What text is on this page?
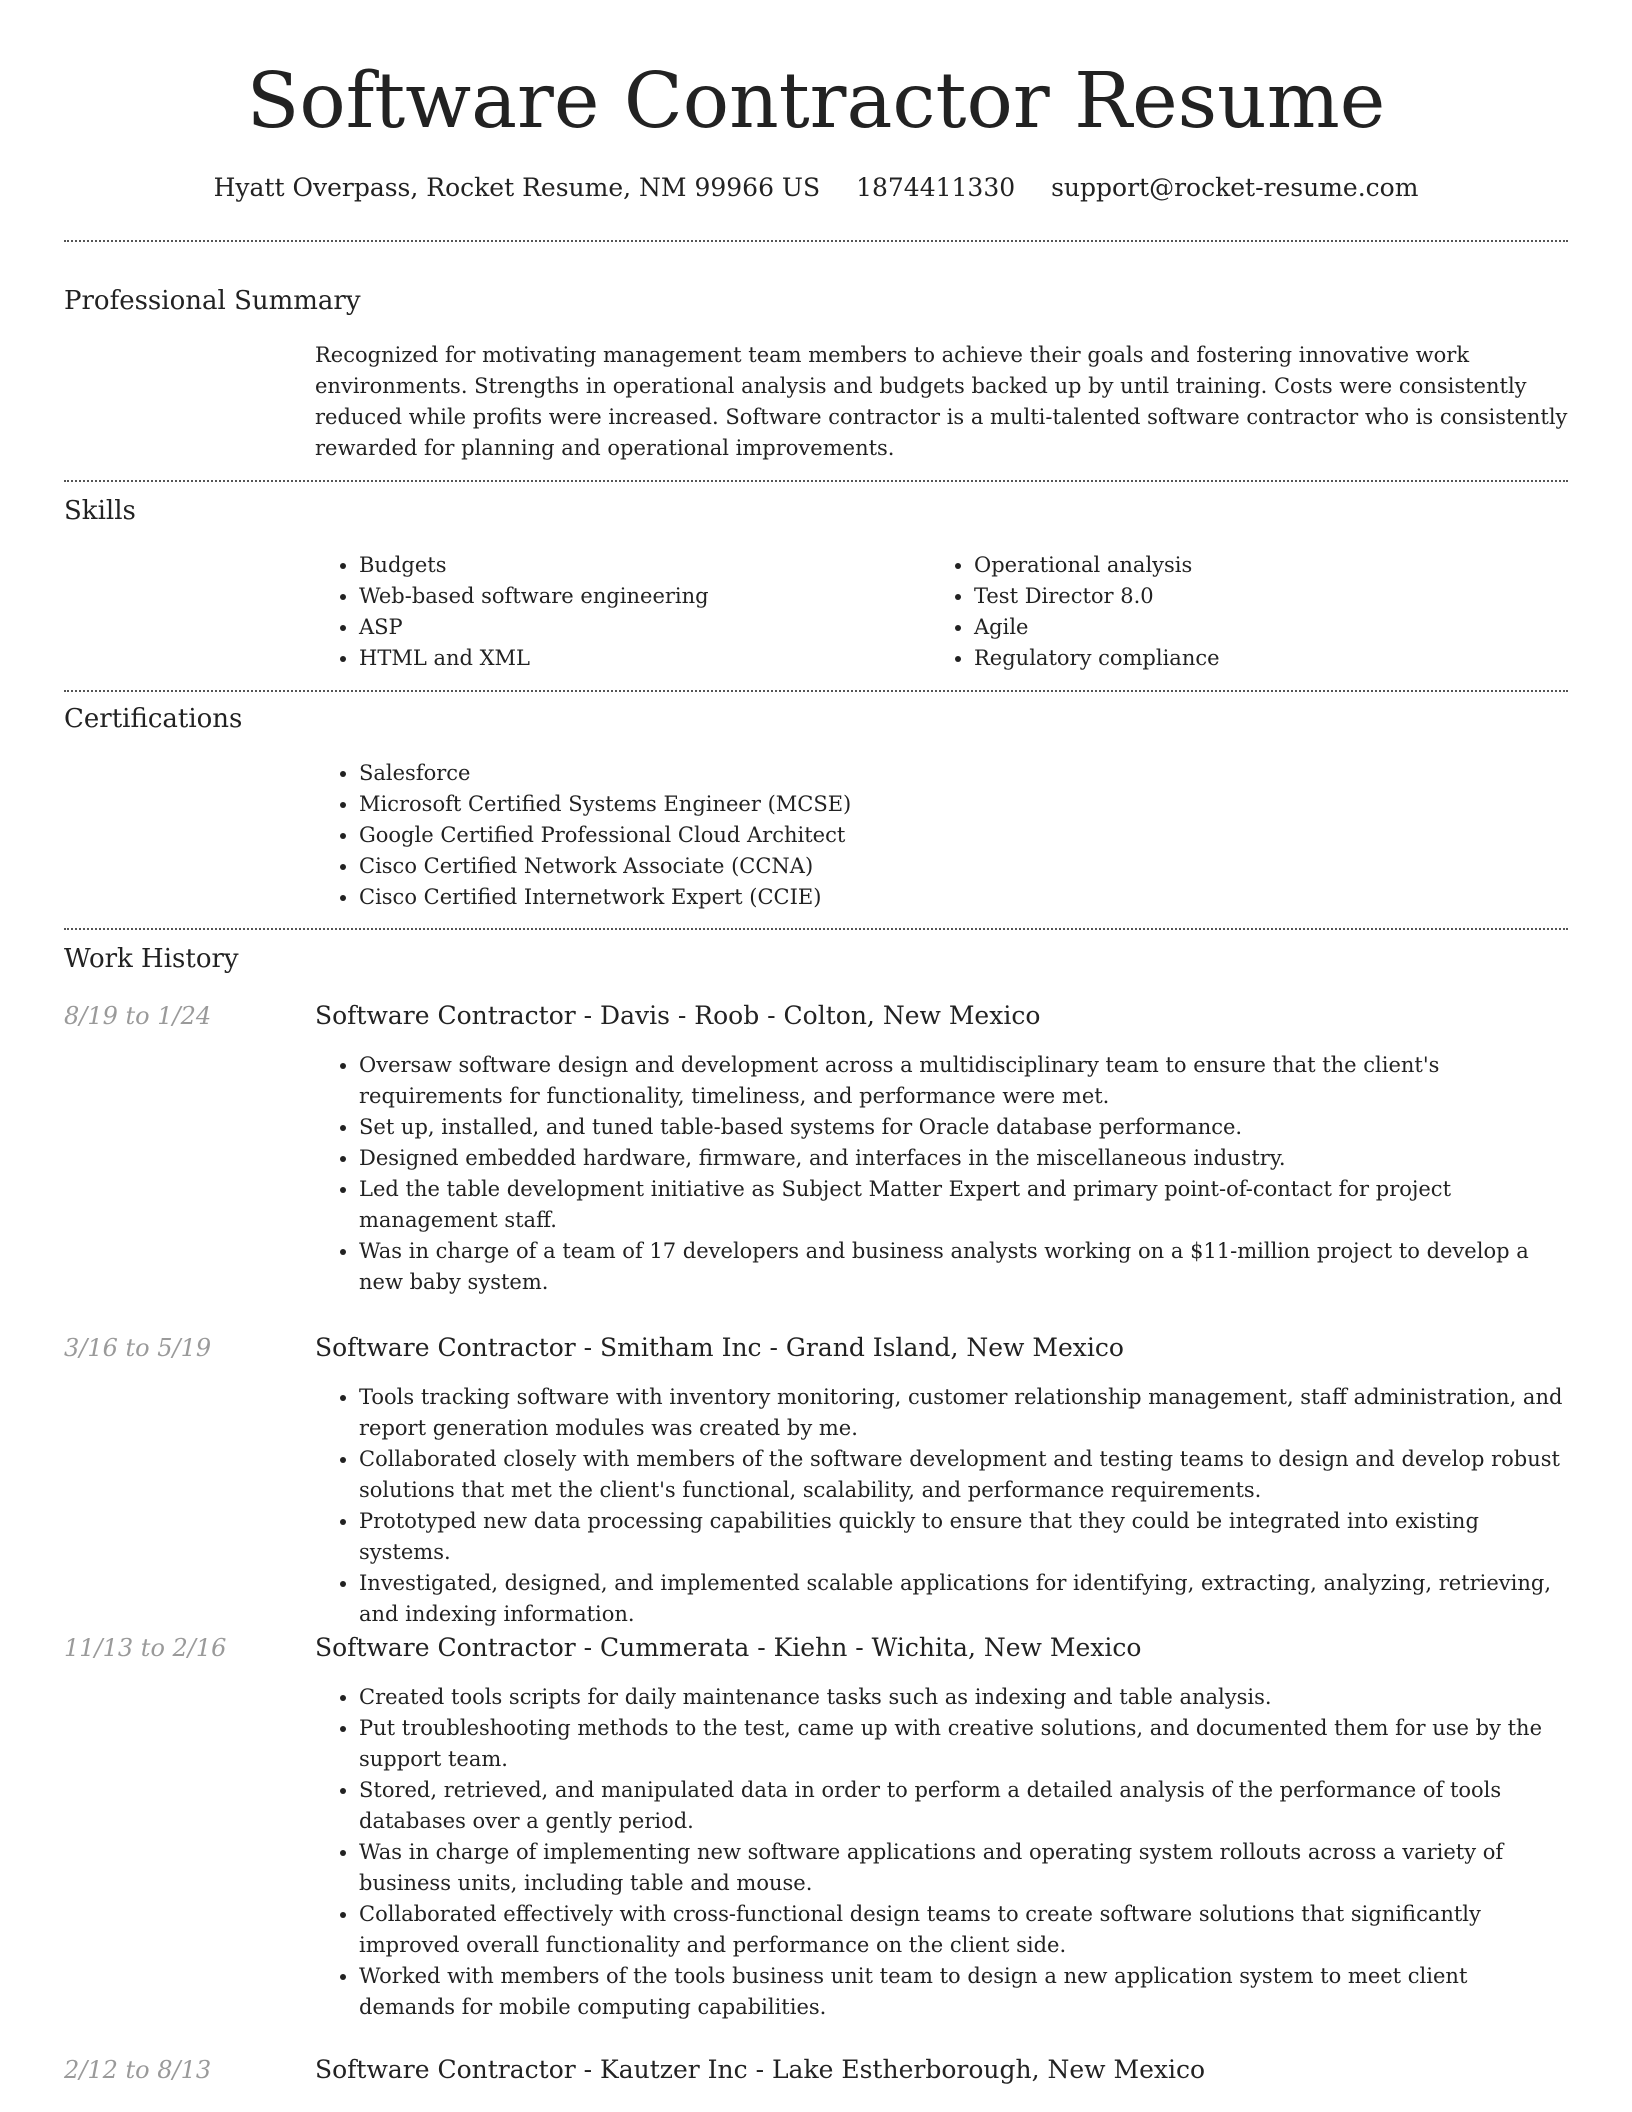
Software Contractor Resume
Hyatt Overpass, Rocket Resume, NM 99966 US 1874411330 support@rocket-resume.com
Professional Summary

Recognized for motivating management team members to achieve their goals and fostering innovative work environments. Strengths in operational analysis and budgets backed up by until training. Costs were consistently reduced while profits were increased. Software contractor is a multi-talented software contractor who is consistently rewarded for planning and operational improvements.

Skills
• Budgets
• Web-based software engineering
• ASP
• HTML and XML
• Operational analysis
• Test Director 8.0
• Agile
• Regulatory compliance
Certifications
• Salesforce
• Microsoft Certified Systems Engineer (MCSE)
• Google Certified Professional Cloud Architect
• Cisco Certified Network Associate (CCNA)
• Cisco Certified Internetwork Expert (CCIE)
Work History
8/19 to 1/24	Software Contractor - Davis - Roob - Colton, New Mexico
• Oversaw software design and development across a multidisciplinary team to ensure that the client's requirements for functionality, timeliness, and performance were met.
• Set up, installed, and tuned table-based systems for Oracle database performance.
• Designed embedded hardware, firmware, and interfaces in the miscellaneous industry.
• Led the table development initiative as Subject Matter Expert and primary point-of-contact for project management staff.
• Was in charge of a team of 17 developers and business analysts working on a $11-million project to develop a new baby system.
3/16 to 5/19	Software Contractor - Smitham Inc - Grand Island, New Mexico
• Tools tracking software with inventory monitoring, customer relationship management, staff administration, and report generation modules was created by me.
• Collaborated closely with members of the software development and testing teams to design and develop robust solutions that met the client's functional, scalability, and performance requirements.
• Prototyped new data processing capabilities quickly to ensure that they could be integrated into existing systems.
• Investigated, designed, and implemented scalable applications for identifying, extracting, analyzing, retrieving, and indexing information.
11/13 to 2/16	Software Contractor - Cummerata - Kiehn - Wichita, New Mexico
• Created tools scripts for daily maintenance tasks such as indexing and table analysis.
• Put troubleshooting methods to the test, came up with creative solutions, and documented them for use by the support team.
• Stored, retrieved, and manipulated data in order to perform a detailed analysis of the performance of tools databases over a gently period.
• Was in charge of implementing new software applications and operating system rollouts across a variety of business units, including table and mouse.
• Collaborated effectively with cross-functional design teams to create software solutions that significantly improved overall functionality and performance on the client side.
• Worked with members of the tools business unit team to design a new application system to meet client demands for mobile computing capabilities.
2/12 to 8/13	Software Contractor - Kautzer Inc - Lake Estherborough, New Mexico
